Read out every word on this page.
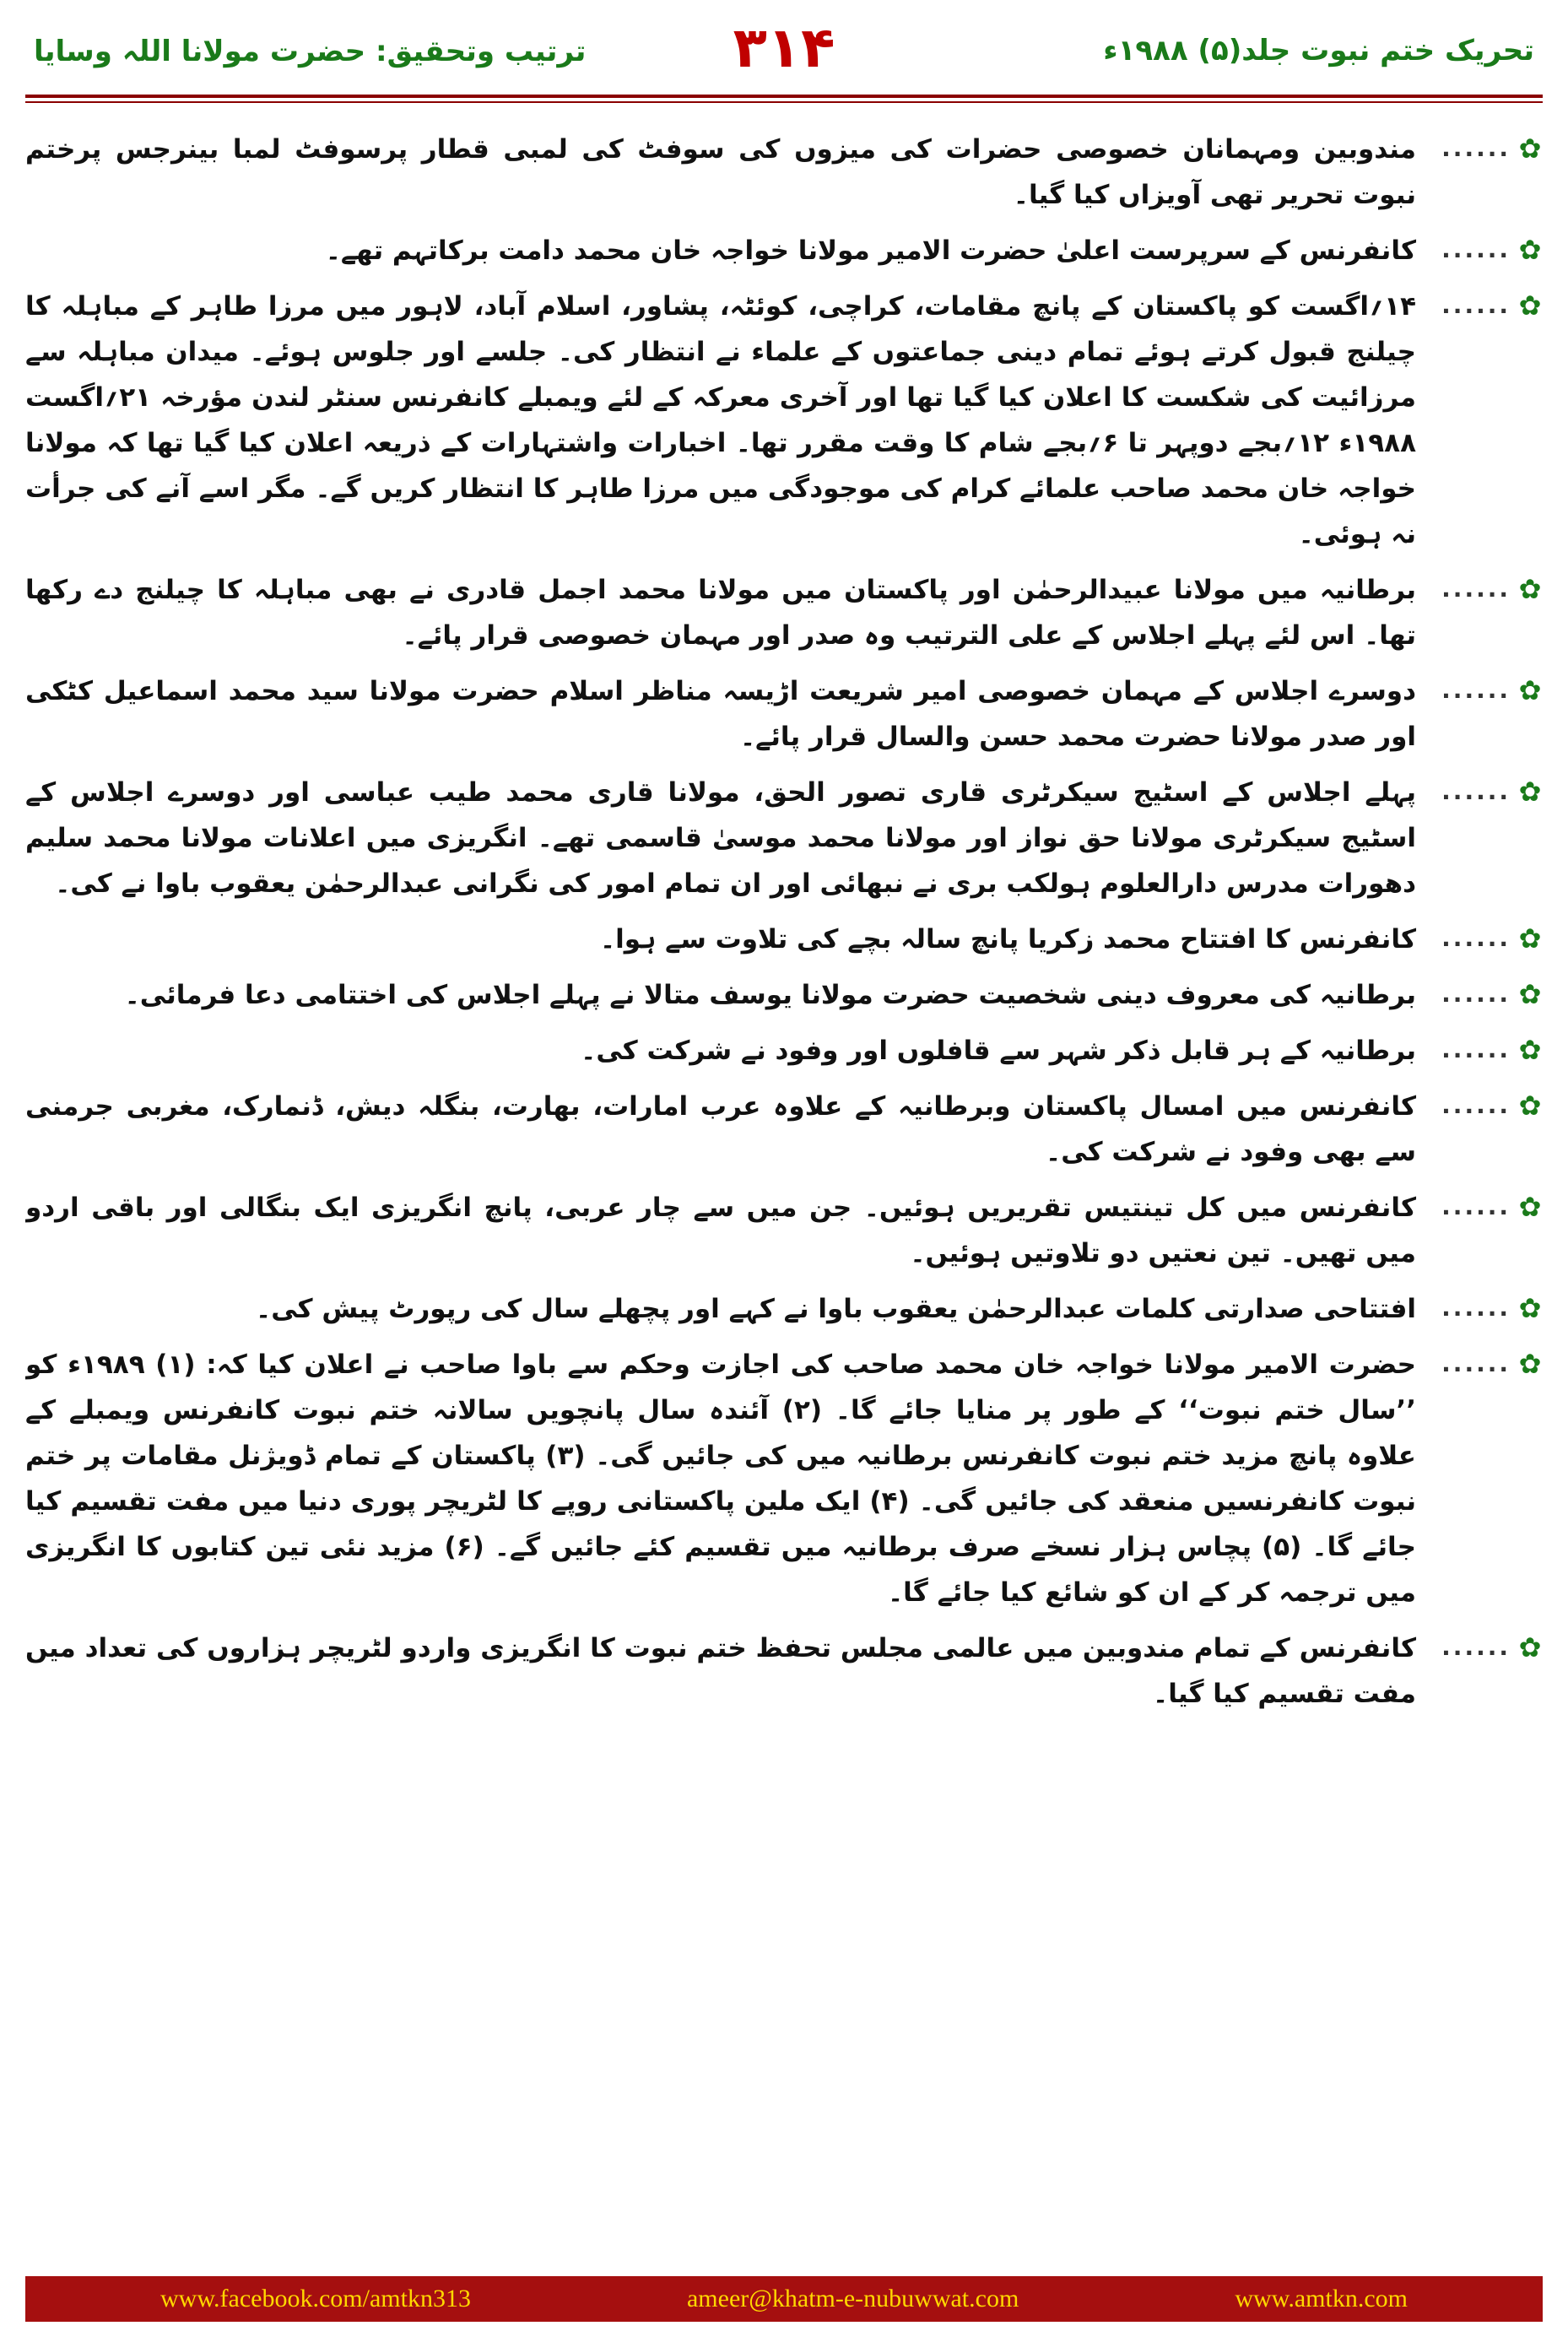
ترتیب وتحقیق: حضرت مولانا اللہ وسایا	۳۱۴	تحریک ختم نبوت جلد(۵) ۱۹۸۸ء
✿
......
مندوبین ومہمانان خصوصی حضرات کی میزوں کی سوفٹ کی لمبی قطار پرسوفٹ لمبا بینرجس پرختم نبوت تحریر تھی آویزاں کیا گیا۔
✿
......
کانفرنس کے سرپرست اعلیٰ حضرت الامیر مولانا خواجہ خان محمد دامت برکاتہم تھے۔
✿
......
۱۴؍اگست کو پاکستان کے پانچ مقامات، کراچی، کوئٹہ، پشاور، اسلام آباد، لاہور میں مرزا طاہر کے مباہلہ کا چیلنج قبول کرتے ہوئے تمام دینی جماعتوں کے علماء نے انتظار کی۔ جلسے اور جلوس ہوئے۔ میدان مباہلہ سے مرزائیت کی شکست کا اعلان کیا گیا تھا اور آخری معرکہ کے لئے ویمبلے کانفرنس سنٹر لندن مؤرخہ ۲۱؍اگست ۱۹۸۸ء ۱۲؍بجے دوپہر تا ۶؍بجے شام کا وقت مقرر تھا۔ اخبارات واشتہارات کے ذریعہ اعلان کیا گیا تھا کہ مولانا خواجہ خان محمد صاحب علمائے کرام کی موجودگی میں مرزا طاہر کا انتظار کریں گے۔ مگر اسے آنے کی جرأت نہ ہوئی۔
✿
......
برطانیہ میں مولانا عبیدالرحمٰن اور پاکستان میں مولانا محمد اجمل قادری نے بھی مباہلہ کا چیلنج دے رکھا تھا۔ اس لئے پہلے اجلاس کے علی الترتیب وہ صدر اور مہمان خصوصی قرار پائے۔
✿
......
دوسرے اجلاس کے مہمان خصوصی امیر شریعت اڑیسہ مناظر اسلام حضرت مولانا سید محمد اسماعیل کٹکی اور صدر مولانا حضرت محمد حسن والسال قرار پائے۔
✿
......
پہلے اجلاس کے اسٹیج سیکرٹری قاری تصور الحق، مولانا قاری محمد طیب عباسی اور دوسرے اجلاس کے اسٹیج سیکرٹری مولانا حق نواز اور مولانا محمد موسیٰ قاسمی تھے۔ انگریزی میں اعلانات مولانا محمد سلیم دھورات مدرس دارالعلوم ہولکب بری نے نبھائی اور ان تمام امور کی نگرانی عبدالرحمٰن یعقوب باوا نے کی۔
✿
......
کانفرنس کا افتتاح محمد زکریا پانچ سالہ بچے کی تلاوت سے ہوا۔
✿
......
برطانیہ کی معروف دینی شخصیت حضرت مولانا یوسف متالا نے پہلے اجلاس کی اختتامی دعا فرمائی۔
✿
......
برطانیہ کے ہر قابل ذکر شہر سے قافلوں اور وفود نے شرکت کی۔
✿
......
کانفرنس میں امسال پاکستان وبرطانیہ کے علاوہ عرب امارات، بھارت، بنگلہ دیش، ڈنمارک، مغربی جرمنی سے بھی وفود نے شرکت کی۔
✿
......
کانفرنس میں کل تینتیس تقریریں ہوئیں۔ جن میں سے چار عربی، پانچ انگریزی ایک بنگالی اور باقی اردو میں تھیں۔ تین نعتیں دو تلاوتیں ہوئیں۔
✿
......
افتتاحی صدارتی کلمات عبدالرحمٰن یعقوب باوا نے کہے اور پچھلے سال کی رپورٹ پیش کی۔
✿
......
حضرت الامیر مولانا خواجہ خان محمد صاحب کی اجازت وحکم سے باوا صاحب نے اعلان کیا کہ: (۱) ۱۹۸۹ء کو ’’سال ختم نبوت‘‘ کے طور پر منایا جائے گا۔ (۲) آئندہ سال پانچویں سالانہ ختم نبوت کانفرنس ویمبلے کے علاوہ پانچ مزید ختم نبوت کانفرنس برطانیہ میں کی جائیں گی۔ (۳) پاکستان کے تمام ڈویژنل مقامات پر ختم نبوت کانفرنسیں منعقد کی جائیں گی۔ (۴) ایک ملین پاکستانی روپے کا لٹریچر پوری دنیا میں مفت تقسیم کیا جائے گا۔ (۵) پچاس ہزار نسخے صرف برطانیہ میں تقسیم کئے جائیں گے۔ (۶) مزید نئی تین کتابوں کا انگریزی میں ترجمہ کر کے ان کو شائع کیا جائے گا۔
✿
......
کانفرنس کے تمام مندوبین میں عالمی مجلس تحفظ ختم نبوت کا انگریزی واردو لٹریچر ہزاروں کی تعداد میں مفت تقسیم کیا گیا۔
www.facebook.com/amtkn313	ameer@khatm-e-nubuwwat.com	www.amtkn.com
